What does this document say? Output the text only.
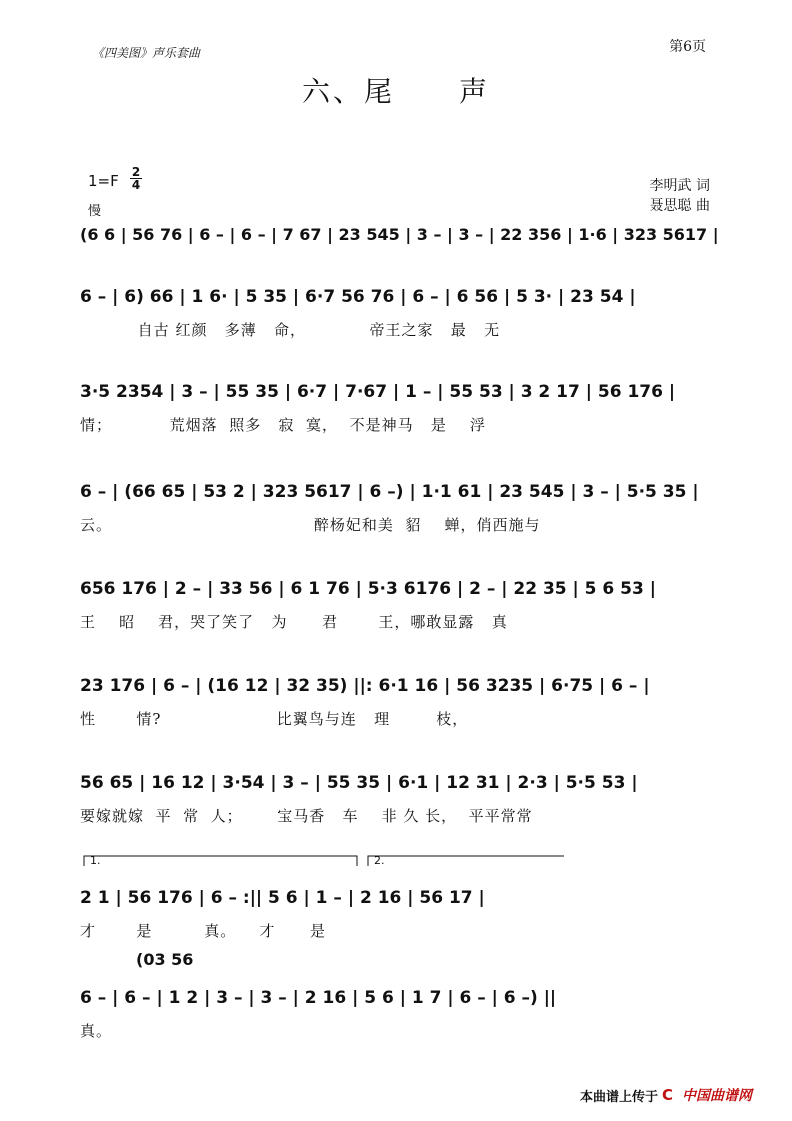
《四美图》声乐套曲	第6页
六、尾 声
1=F 2
4
慢
李明武 词
聂思聪 曲
(6 6 | 56 76 | 6 – | 6 – | 7 67 | 23 545 | 3 – | 3 – | 22 356 | 1·6 | 323 5617 |
6 – | 6) 66 | 1 6· | 5 35 | 6·7 56 76 | 6 – | 6 56 | 5 3· | 23 54 |
自古 红颜   多薄   命，           帝王之家   最   无
3·5 2354 | 3 – | 55 35 | 6·7 | 7·67 | 1 – | 55 53 | 3 2 17 | 56 176 |
情；          荒烟落  照多   寂  寞，  不是神马   是    浮
6 – | (66 65 | 53 2 | 323 5617 | 6 –) | 1·1 61 | 23 545 | 3 – | 5·5 35 |
云。                                   醉杨妃和美  貂    蝉，俏西施与
656 176 | 2 – | 33 56 | 6 1 76 | 5·3 6176 | 2 – | 22 35 | 5 6 53 |
王    昭    君，哭了笑了   为      君       王，哪敢显露   真
23 176 | 6 – | (16 12 | 32 35) ||: 6·1 16 | 56 3235 | 6·75 | 6 – |
性       情?                    比翼鸟与连   理        枝，
56 65 | 16 12 | 3·54 | 3 – | 55 35 | 6·1 | 12 31 | 2·3 | 5·5 53 |
要嫁就嫁  平  常  人；      宝马香   车    非 久 长，  平平常常
1.	2.
2 1 | 56 176 | 6 – :|| 5 6 | 1 – | 2 16 | 56 17 |
才       是         真。    才      是
(03 56
6 – | 6 – | 1 2 | 3 – | 3 – | 2 16 | 5 6 | 1 7 | 6 – | 6 –) ||
真。
本曲谱上传于 C 中国曲谱网
